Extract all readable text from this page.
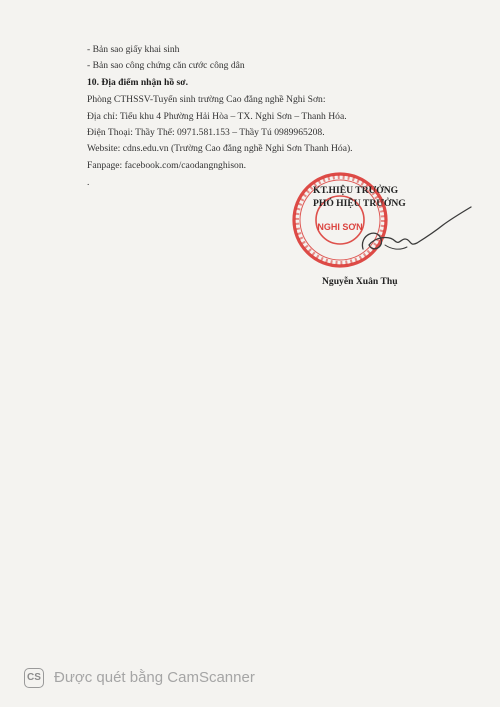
- Bản sao giấy khai sinh
- Bản sao công chứng căn cước công dân
10. Địa điểm nhận hồ sơ.
Phòng CTHSSV-Tuyển sinh trường Cao đẳng nghề Nghi Sơn:
Địa chỉ: Tiểu khu 4 Phường Hải Hòa – TX. Nghi Sơn – Thanh Hóa.
Điện Thoại: Thầy Thế: 0971.581.153 – Thầy Tú 0989965208.
Website: cdns.edu.vn (Trường Cao đẳng nghề Nghi Sơn Thanh Hóa).
Fanpage: facebook.com/caodangnghison.
.
NGHI SƠN
KT.HIỆU TRƯỞNG
PHÓ HIỆU TRƯỞNG
Nguyễn Xuân Thụ
CS Được quét bằng CamScanner
